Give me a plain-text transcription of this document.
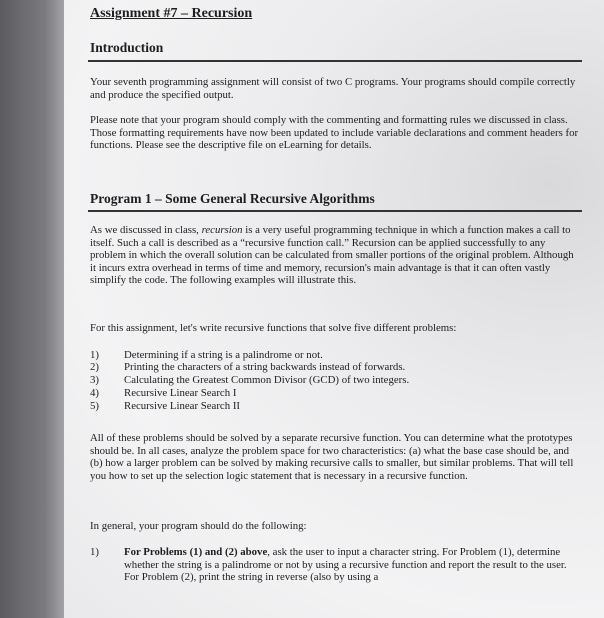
Assignment #7 – Recursion
Introduction
Your seventh programming assignment will consist of two C programs. Your programs should compile correctly and produce the specified output.
Please note that your program should comply with the commenting and formatting rules we discussed in class. Those formatting requirements have now been updated to include variable declarations and comment headers for functions. Please see the descriptive file on eLearning for details.
Program 1 – Some General Recursive Algorithms
As we discussed in class, recursion is a very useful programming technique in which a function makes a call to itself. Such a call is described as a “recursive function call.” Recursion can be applied successfully to any problem in which the overall solution can be calculated from smaller portions of the original problem. Although it incurs extra overhead in terms of time and memory, recursion's main advantage is that it can often vastly simplify the code. The following examples will illustrate this.
For this assignment, let's write recursive functions that solve five different problems:
1) Determining if a string is a palindrome or not.
2) Printing the characters of a string backwards instead of forwards.
3) Calculating the Greatest Common Divisor (GCD) of two integers.
4) Recursive Linear Search I
5) Recursive Linear Search II
All of these problems should be solved by a separate recursive function. You can determine what the prototypes should be. In all cases, analyze the problem space for two characteristics: (a) what the base case should be, and (b) how a larger problem can be solved by making recursive calls to smaller, but similar problems. That will tell you how to set up the selection logic statement that is necessary in a recursive function.
In general, your program should do the following:
1) For Problems (1) and (2) above, ask the user to input a character string. For Problem (1), determine whether the string is a palindrome or not by using a recursive function and report the result to the user. For Problem (2), print the string in reverse (also by using a
